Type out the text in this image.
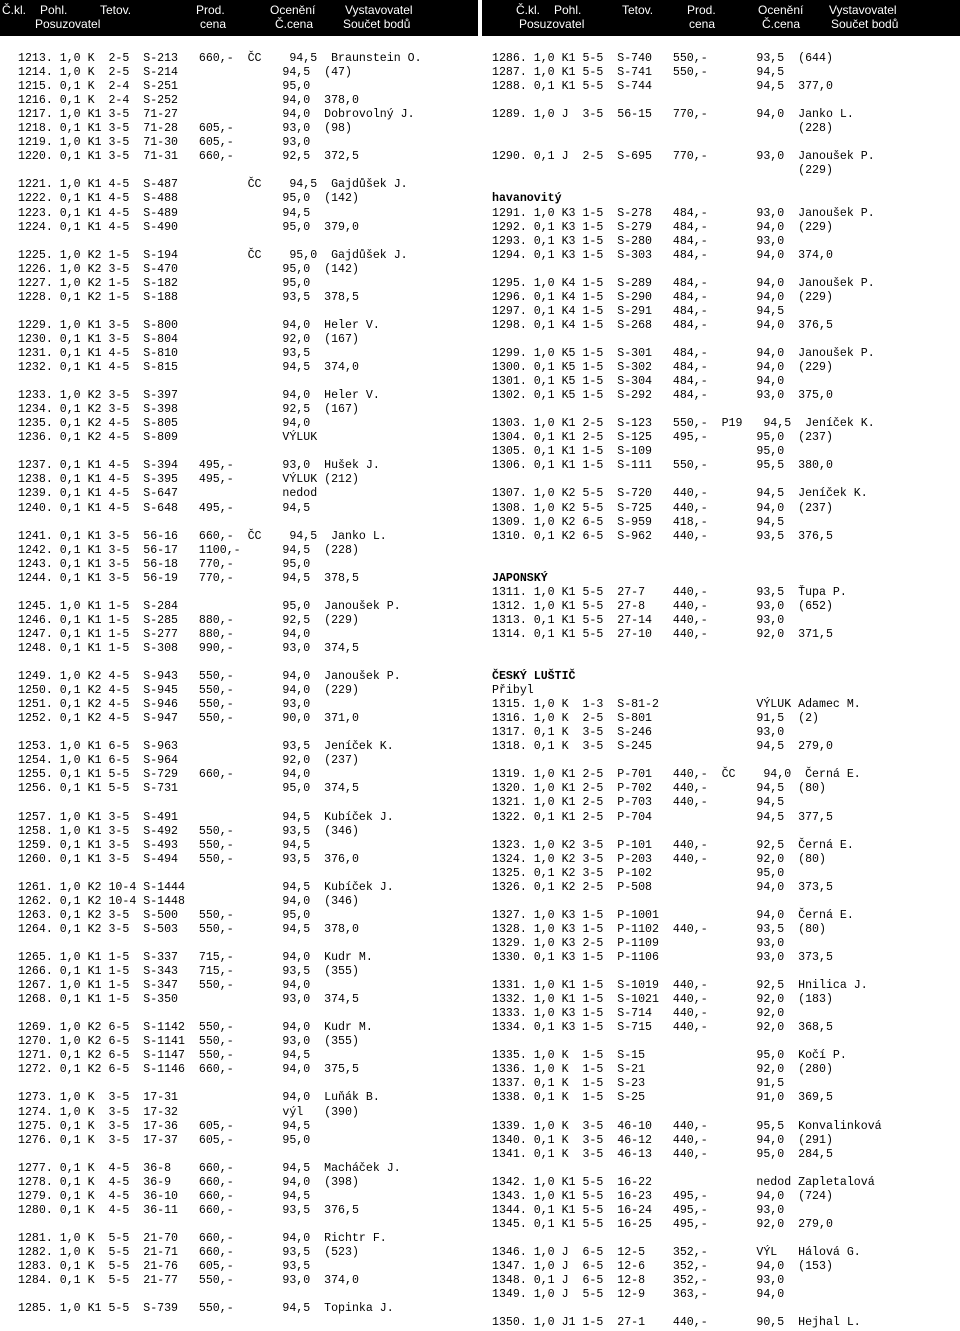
Č.kl. Pohl.	Tetov.	Prod.	Ocenění Vystavovatel
Posuzovatel	cena	Č.cena Součet bodů
Č.kl. Pohl.	Tetov.	Prod.	Ocenění Vystavovatel
Posuzovatel	cena	Č.cena	Součet bodů
1213. 1,0 K  2-5  S-213   660,-  ČC    94,5  Braunstein O.
1214. 1,0 K  2-5  S-214               94,5  (47)
1215. 0,1 K  2-4  S-251               95,0
1216. 0,1 K  2-4  S-252               94,0  378,0
1217. 1,0 K1 3-5  71-27               94,0  Dobrovolný J.
1218. 0,1 K1 3-5  71-28   605,-       93,0  (98)
1219. 1,0 K1 3-5  71-30   605,-       93,0
1220. 0,1 K1 3-5  71-31   660,-       92,5  372,5

1221. 1,0 K1 4-5  S-487          ČC    94,5  Gajdůšek J.
1222. 0,1 K1 4-5  S-488               95,0  (142)
1223. 0,1 K1 4-5  S-489               94,5
1224. 0,1 K1 4-5  S-490               95,0  379,0

1225. 1,0 K2 1-5  S-194          ČC    95,0  Gajdůšek J.
1226. 1,0 K2 3-5  S-470               95,0  (142)
1227. 1,0 K2 1-5  S-182               95,0
1228. 0,1 K2 1-5  S-188               93,5  378,5

1229. 1,0 K1 3-5  S-800               94,0  Heler V.
1230. 0,1 K1 3-5  S-804               92,0  (167)
1231. 0,1 K1 4-5  S-810               93,5
1232. 0,1 K1 4-5  S-815               94,5  374,0

1233. 1,0 K2 3-5  S-397               94,0  Heler V.
1234. 0,1 K2 3-5  S-398               92,5  (167)
1235. 0,1 K2 4-5  S-805               94,0
1236. 0,1 K2 4-5  S-809               VÝLUK

1237. 0,1 K1 4-5  S-394   495,-       93,0  Hušek J.
1238. 0,1 K1 4-5  S-395   495,-       VÝLUK (212)
1239. 0,1 K1 4-5  S-647               nedod
1240. 0,1 K1 4-5  S-648   495,-       94,5

1241. 0,1 K1 3-5  56-16   660,-  ČC    94,5  Janko L.
1242. 0,1 K1 3-5  56-17   1100,-      94,5  (228)
1243. 0,1 K1 3-5  56-18   770,-       95,0
1244. 0,1 K1 3-5  56-19   770,-       94,5  378,5

1245. 1,0 K1 1-5  S-284               95,0  Janoušek P.
1246. 0,1 K1 1-5  S-285   880,-       92,5  (229)
1247. 0,1 K1 1-5  S-277   880,-       94,0
1248. 0,1 K1 1-5  S-308   990,-       93,0  374,5

1249. 1,0 K2 4-5  S-943   550,-       94,0  Janoušek P.
1250. 0,1 K2 4-5  S-945   550,-       94,0  (229)
1251. 0,1 K2 4-5  S-946   550,-       93,0
1252. 0,1 K2 4-5  S-947   550,-       90,0  371,0

1253. 1,0 K1 6-5  S-963               93,5  Jeníček K.
1254. 1,0 K1 6-5  S-964               92,0  (237)
1255. 0,1 K1 5-5  S-729   660,-       94,0
1256. 0,1 K1 5-5  S-731               95,0  374,5

1257. 1,0 K1 3-5  S-491               94,5  Kubíček J.
1258. 1,0 K1 3-5  S-492   550,-       93,5  (346)
1259. 0,1 K1 3-5  S-493   550,-       94,5
1260. 0,1 K1 3-5  S-494   550,-       93,5  376,0

1261. 1,0 K2 10-4 S-1444              94,5  Kubíček J.
1262. 0,1 K2 10-4 S-1448              94,0  (346)
1263. 0,1 K2 3-5  S-500   550,-       95,0
1264. 0,1 K2 3-5  S-503   550,-       94,5  378,0

1265. 1,0 K1 1-5  S-337   715,-       94,0  Kudr M.
1266. 0,1 K1 1-5  S-343   715,-       93,5  (355)
1267. 1,0 K1 1-5  S-347   550,-       94,0
1268. 0,1 K1 1-5  S-350               93,0  374,5

1269. 1,0 K2 6-5  S-1142  550,-       94,0  Kudr M.
1270. 1,0 K2 6-5  S-1141  550,-       93,0  (355)
1271. 0,1 K2 6-5  S-1147  550,-       94,5
1272. 0,1 K2 6-5  S-1146  660,-       94,0  375,5

1273. 1,0 K  3-5  17-31               94,0  Luňák B.
1274. 1,0 K  3-5  17-32               výl   (390)
1275. 0,1 K  3-5  17-36   605,-       94,5
1276. 0,1 K  3-5  17-37   605,-       95,0

1277. 0,1 K  4-5  36-8    660,-       94,5  Macháček J.
1278. 0,1 K  4-5  36-9    660,-       94,0  (398)
1279. 0,1 K  4-5  36-10   660,-       94,5
1280. 0,1 K  4-5  36-11   660,-       93,5  376,5

1281. 1,0 K  5-5  21-70   660,-       94,0  Richtr F.
1282. 1,0 K  5-5  21-71   660,-       93,5  (523)
1283. 0,1 K  5-5  21-76   605,-       93,5
1284. 0,1 K  5-5  21-77   550,-       93,0  374,0

1285. 1,0 K1 5-5  S-739   550,-       94,5  Topinka J.
1286. 1,0 K1 5-5  S-740   550,-       93,5  (644)
1287. 1,0 K1 5-5  S-741   550,-       94,5
1288. 0,1 K1 5-5  S-744               94,5  377,0

1289. 1,0 J  3-5  56-15   770,-       94,0  Janko L.
(228)

1290. 0,1 J  2-5  S-695   770,-       93,0  Janoušek P.
(229)

havanovitý
1291. 1,0 K3 1-5  S-278   484,-       93,0  Janoušek P.
1292. 0,1 K3 1-5  S-279   484,-       94,0  (229)
1293. 0,1 K3 1-5  S-280   484,-       93,0
1294. 0,1 K3 1-5  S-303   484,-       94,0  374,0

1295. 1,0 K4 1-5  S-289   484,-       94,0  Janoušek P.
1296. 0,1 K4 1-5  S-290   484,-       94,0  (229)
1297. 0,1 K4 1-5  S-291   484,-       94,5
1298. 0,1 K4 1-5  S-268   484,-       94,0  376,5

1299. 1,0 K5 1-5  S-301   484,-       94,0  Janoušek P.
1300. 0,1 K5 1-5  S-302   484,-       94,0  (229)
1301. 0,1 K5 1-5  S-304   484,-       94,0
1302. 0,1 K5 1-5  S-292   484,-       93,0  375,0

1303. 1,0 K1 2-5  S-123   550,-  P19   94,5  Jeníček K.
1304. 0,1 K1 2-5  S-125   495,-       95,0  (237)
1305. 0,1 K1 1-5  S-109               95,0
1306. 0,1 K1 1-5  S-111   550,-       95,5  380,0

1307. 1,0 K2 5-5  S-720   440,-       94,5  Jeníček K.
1308. 1,0 K2 5-5  S-725   440,-       94,0  (237)
1309. 1,0 K2 6-5  S-959   418,-       94,5
1310. 0,1 K2 6-5  S-962   440,-       93,5  376,5

JAPONSKÝ
1311. 1,0 K1 5-5  27-7    440,-       93,5  Ťupa P.
1312. 1,0 K1 5-5  27-8    440,-       93,0  (652)
1313. 0,1 K1 5-5  27-14   440,-       93,0
1314. 0,1 K1 5-5  27-10   440,-       92,0  371,5

ČESKÝ LUŠTIČ
Přibyl
1315. 1,0 K  1-3  S-81-2              VÝLUK Adamec M.
1316. 1,0 K  2-5  S-801               91,5  (2)
1317. 0,1 K  3-5  S-246               93,0
1318. 0,1 K  3-5  S-245               94,5  279,0

1319. 1,0 K1 2-5  P-701   440,-  ČC    94,0  Černá E.
1320. 1,0 K1 2-5  P-702   440,-       94,5  (80)
1321. 1,0 K1 2-5  P-703   440,-       94,5
1322. 0,1 K1 2-5  P-704               94,5  377,5

1323. 1,0 K2 3-5  P-101   440,-       92,5  Černá E.
1324. 1,0 K2 3-5  P-203   440,-       92,0  (80)
1325. 0,1 K2 3-5  P-102               95,0
1326. 0,1 K2 2-5  P-508               94,0  373,5

1327. 1,0 K3 1-5  P-1001              94,0  Černá E.
1328. 1,0 K3 1-5  P-1102  440,-       93,5  (80)
1329. 1,0 K3 2-5  P-1109              93,0
1330. 0,1 K3 1-5  P-1106              93,0  373,5

1331. 1,0 K1 1-5  S-1019  440,-       92,5  Hnilica J.
1332. 1,0 K1 1-5  S-1021  440,-       92,0  (183)
1333. 1,0 K3 1-5  S-714   440,-       92,0
1334. 0,1 K3 1-5  S-715   440,-       92,0  368,5

1335. 1,0 K  1-5  S-15                95,0  Kočí P.
1336. 1,0 K  1-5  S-21                92,0  (280)
1337. 0,1 K  1-5  S-23                91,5
1338. 0,1 K  1-5  S-25                91,0  369,5

1339. 1,0 K  3-5  46-10   440,-       95,5  Konvalinková
1340. 0,1 K  3-5  46-12   440,-       94,0  (291)
1341. 0,1 K  3-5  46-13   440,-       95,0  284,5

1342. 1,0 K1 5-5  16-22               nedod Zapletalová
1343. 1,0 K1 5-5  16-23   495,-       94,0  (724)
1344. 0,1 K1 5-5  16-24   495,-       93,0
1345. 0,1 K1 5-5  16-25   495,-       92,0  279,0

1346. 1,0 J  6-5  12-5    352,-       VÝL   Hálová G.
1347. 1,0 J  6-5  12-6    352,-       94,0  (153)
1348. 0,1 J  6-5  12-8    352,-       93,0
1349. 1,0 J  5-5  12-9    363,-       94,0

1350. 1,0 J1 1-5  27-1    440,-       90,5  Hejhal L.
